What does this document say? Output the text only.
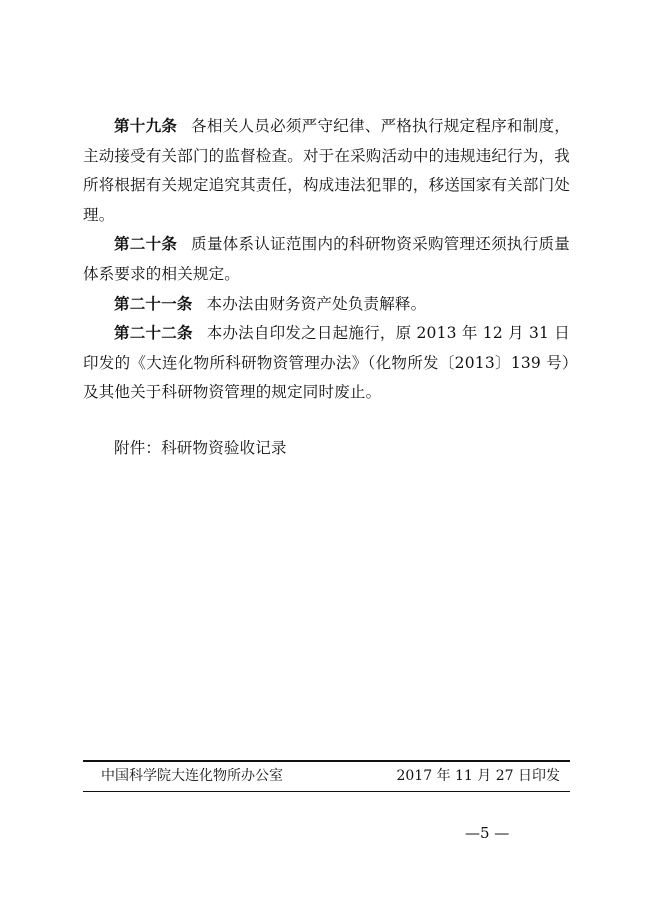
第十九条 各相关人员必须严守纪律、严格执行规定程序和制度，主动接受有关部门的监督检查。对于在采购活动中的违规违纪行为，我所将根据有关规定追究其责任，构成违法犯罪的，移送国家有关部门处理。

第二十条 质量体系认证范围内的科研物资采购管理还须执行质量体系要求的相关规定。

第二十一条 本办法由财务资产处负责解释。

第二十二条 本办法自印发之日起施行，原 2013 年 12 月 31 日印发的《大连化物所科研物资管理办法》（化物所发〔2013〕139 号）及其他关于科研物资管理的规定同时废止。

附件：科研物资验收记录

中国科学院大连化物所办公室	2017 年 11 月 27 日印发
—5 —
